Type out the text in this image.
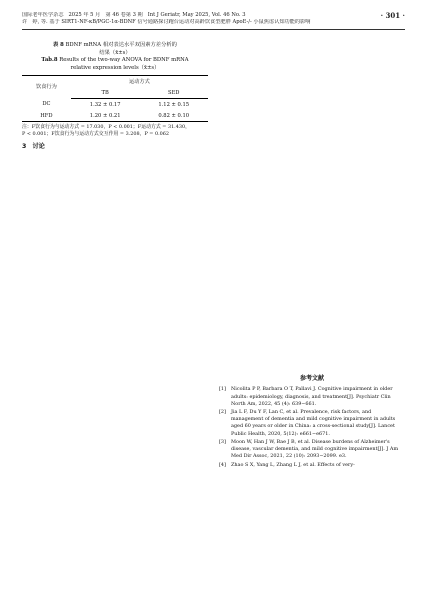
国际老年医学杂志 2025 年 5 月　第 46 卷第 3 期 Int J Geriatr, May 2025, Vol. 46 No. 3
许　婷, 等. 基于 SIRT1-NF-κB/PGC-1α-BDNF 信号通路探讨跑台运动对高龄饮食型肥胖 ApoE-/- 小鼠焦虑认知功能的影响
· 301 ·
表 8 BDNF mRNA 相对表达水平双因素方差分析的
结果（x̄±s）
Tab.8 Results of the two-way ANOVA for BDNF mRNA
relative expression levels（x̄±s）
饮食行为	运动方式	
	TB	SED
DC	1.32 ± 0.17	1.12 ± 0.15
HFD	1.20 ± 0.21	0.82 ± 0.10
注：F饮食行为与运动方式 = 17.030，P < 0.001；F运动方式 = 31.430，
P < 0.001；F饮食行为与运动方式交互作用 = 3.208，P = 0.062
3　讨论
参考文献
[1]	Nicolita P P, Barbara O T, Pallavi J. Cognitive impairment in older adults: epidemiology, diagnosis, and treatment[J]. Psychiatr Clin North Am, 2022, 45 (4): 639−661.
[2]	Jia L F, Du Y F, Lan C, et al. Prevalence, risk factors, and management of dementia and mild cognitive impairment in adults aged 60 years or older in China: a cross-sectional study[J]. Lancet Public Health, 2020, 5(12): e661−e671.
[3]	Moon W, Han J W, Bae J B, et al. Disease burdens of Alzheimer's disease, vascular dementia, and mild cognitive impairment[J]. J Am Med Dir Assoc, 2021, 22 (10): 2093−2099. e3.
[4]	Zhao S X, Yang L, Zhang L J, et al. Effects of very-
